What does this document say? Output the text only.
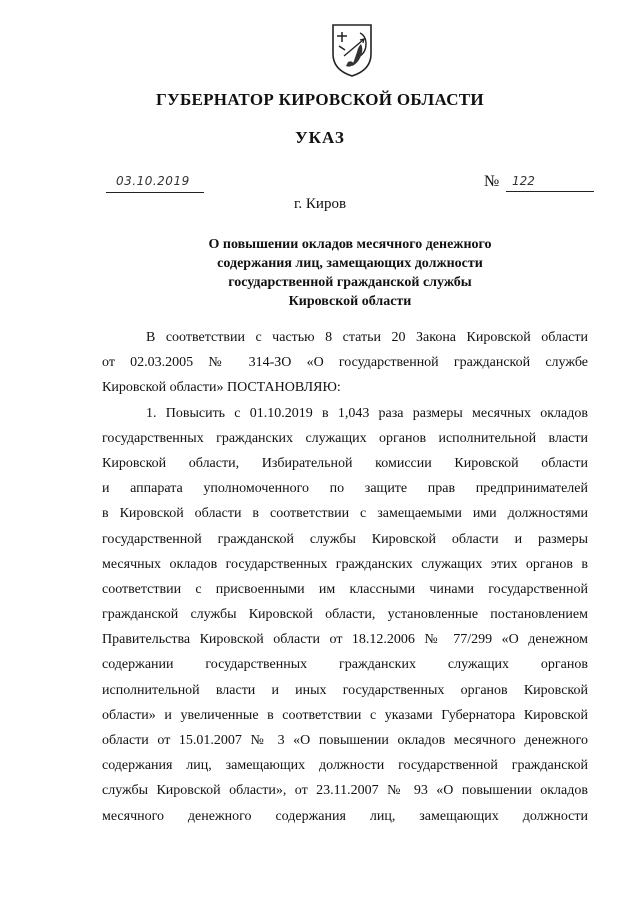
ГУБЕРНАТОР КИРОВСКОЙ ОБЛАСТИ
УКАЗ
03.10.2019	№ 122
г. Киров
О повышении окладов месячного денежного
содержания лиц, замещающих должности
государственной гражданской службы
Кировской области
В соответствии с частью 8 статьи 20 Закона Кировской области
от 02.03.2005 № 314-ЗО «О государственной гражданской службе
Кировской области» ПОСТАНОВЛЯЮ:
1. Повысить с 01.10.2019 в 1,043 раза размеры месячных окладов
государственных гражданских служащих органов исполнительной власти
Кировской области, Избирательной комиссии Кировской области
и аппарата уполномоченного по защите прав предпринимателей
в Кировской области в соответствии с замещаемыми ими должностями
государственной гражданской службы Кировской области и размеры
месячных окладов государственных гражданских служащих этих органов в
соответствии с присвоенными им классными чинами государственной
гражданской службы Кировской области, установленные постановлением
Правительства Кировской области от 18.12.2006 № 77/299 «О денежном
содержании государственных гражданских служащих органов
исполнительной власти и иных государственных органов Кировской
области» и увеличенные в соответствии с указами Губернатора Кировской
области от 15.01.2007 № 3 «О повышении окладов месячного денежного
содержания лиц, замещающих должности государственной гражданской
службы Кировской области», от 23.11.2007 № 93 «О повышении окладов
месячного денежного содержания лиц, замещающих должности
